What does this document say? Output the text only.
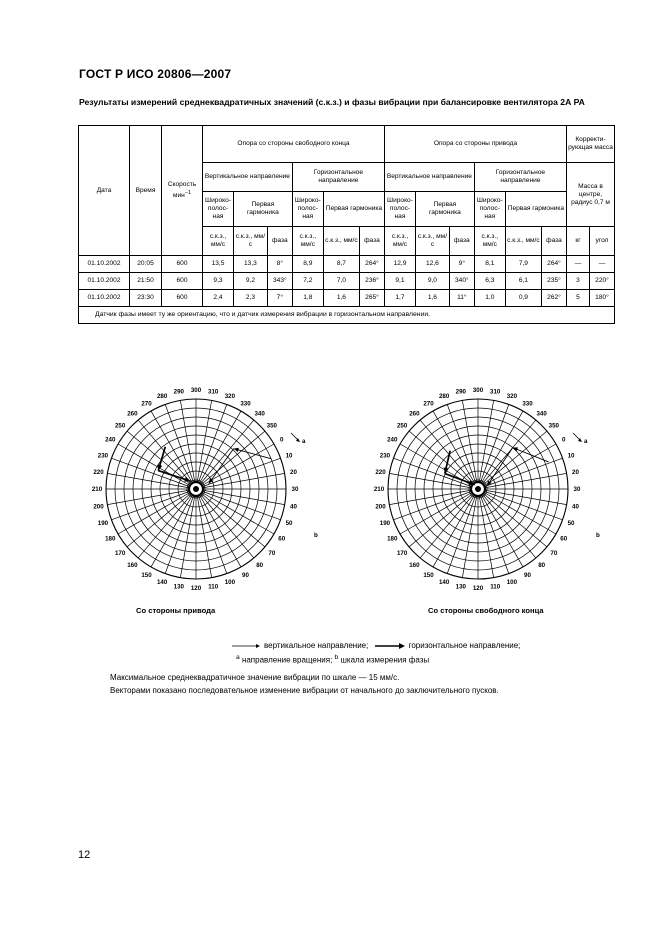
ГОСТ Р ИСО 20806—2007
Результаты измерений среднеквадратичных значений (с.к.з.) и фазы вибрации при балансировке вентилятора 2А РА
Дата	Время	Скорость мин$^{-1}$	Опора со стороны свободного конца						Опора со стороны привода						Корректи-рующая масса	
			Вертикальное направление			Горизонтальное направление			Вертикальное направление			Горизонтальное направление			Масса в центре, радиус 0,7 м	
			Широко-полос-ная	Первая гармоника		Широко-полос-ная	Первая гармоника		Широко-полос-ная	Первая гармоника		Широко-полос-ная	Первая гармоника			
			с.к.з., мм/с	с.к.з., мм/с	фаза	с.к.з., мм/с	с.к.з., мм/с	фаза	с.к.з., мм/с	с.к.з., мм/с	фаза	с.к.з., мм/с	с.к.з., мм/с	фаза	кг	угол
01.10.2002	20:05	600	13,5	13,3	8°	8,9	8,7	264°	12,9	12,6	9°	8,1	7,9	264°	—	—
01.10.2002	21:50	600	9,3	9,2	343°	7,2	7,0	236°	9,1	9,0	340°	6,3	6,1	235°	3	220°
01.10.2002	23:30	600	2,4	2,3	7°	1,8	1,6	265°	1,7	1,6	11°	1,0	0,9	262°	5	180°
Датчик фазы имеет ту же ориентацию, что и датчик измерения вибрации в горизонтальном направлении.																
0
10
20
30
40
50
60
70
80
90
100
110
120
130
140
150
160
170
180
190
200
210
220
230
240
250
260
270
280
290 300 310
320
330
340
350
a
b
0
10
20
30
40
50
60
70
80
90
100
110
120
130
140
150
160
170
180
190
200
210
220
230
240
250
260
270
280
290 300 310
320
330
340
350
a
b
Со стороны привода	Со стороны свободного конца
вертикальное направление;	горизонтальное направление;
$^a$ направление вращения; $^b$ шкала измерения фазы
Максимальное среднеквадратичное значение вибрации по шкале — 15 мм/с.
Векторами показано последовательное изменение вибрации от начального до заключительного пусков.
12
